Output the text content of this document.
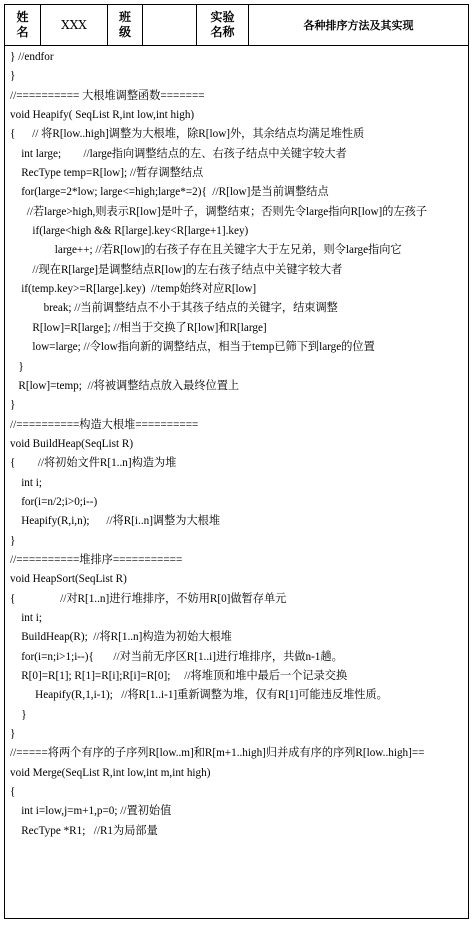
姓
名	XXX
班
级
实验
名称	各种排序方法及其实现
} //endfor
}
//========== 大根堆调整函数=======
void Heapify( SeqList R,int low,int high)
{      // 将R[low..high]调整为大根堆，除R[low]外，其余结点均满足堆性质
int large;        //large指向调整结点的左、右孩子结点中关键字较大者
RecType temp=R[low]; //暂存调整结点
for(large=2*low; large<=high;large*=2){  //R[low]是当前调整结点
//若large>high,则表示R[low]是叶子，调整结束；否则先令large指向R[low]的左孩子
if(large<high && R[large].key<R[large+1].key)
large++; //若R[low]的右孩子存在且关键字大于左兄弟，则令large指向它
//现在R[large]是调整结点R[low]的左右孩子结点中关键字较大者
if(temp.key>=R[large].key)  //temp始终对应R[low]
break; //当前调整结点不小于其孩子结点的关键字，结束调整
R[low]=R[large]; //相当于交换了R[low]和R[large]
low=large; //令low指向新的调整结点，相当于temp已筛下到large的位置
}
R[low]=temp;  //将被调整结点放入最终位置上
}
//==========构造大根堆==========
void BuildHeap(SeqList R)
{        //将初始文件R[1..n]构造为堆
int i;
for(i=n/2;i>0;i--)
Heapify(R,i,n);      //将R[i..n]调整为大根堆
}
//==========堆排序===========
void HeapSort(SeqList R)
{                //对R[1..n]进行堆排序，不妨用R[0]做暂存单元
int i;
BuildHeap(R);  //将R[1..n]构造为初始大根堆
for(i=n;i>1;i--){       //对当前无序区R[1..i]进行堆排序，共做n-1趟。
R[0]=R[1]; R[1]=R[i];R[i]=R[0];     //将堆顶和堆中最后一个记录交换
Heapify(R,1,i-1);   //将R[1..i-1]重新调整为堆，仅有R[1]可能违反堆性质。
}
}
//=====将两个有序的子序列R[low..m]和R[m+1..high]归并成有序的序列R[low..high]==
void Merge(SeqList R,int low,int m,int high)
{
int i=low,j=m+1,p=0; //置初始值
RecType *R1;   //R1为局部量
